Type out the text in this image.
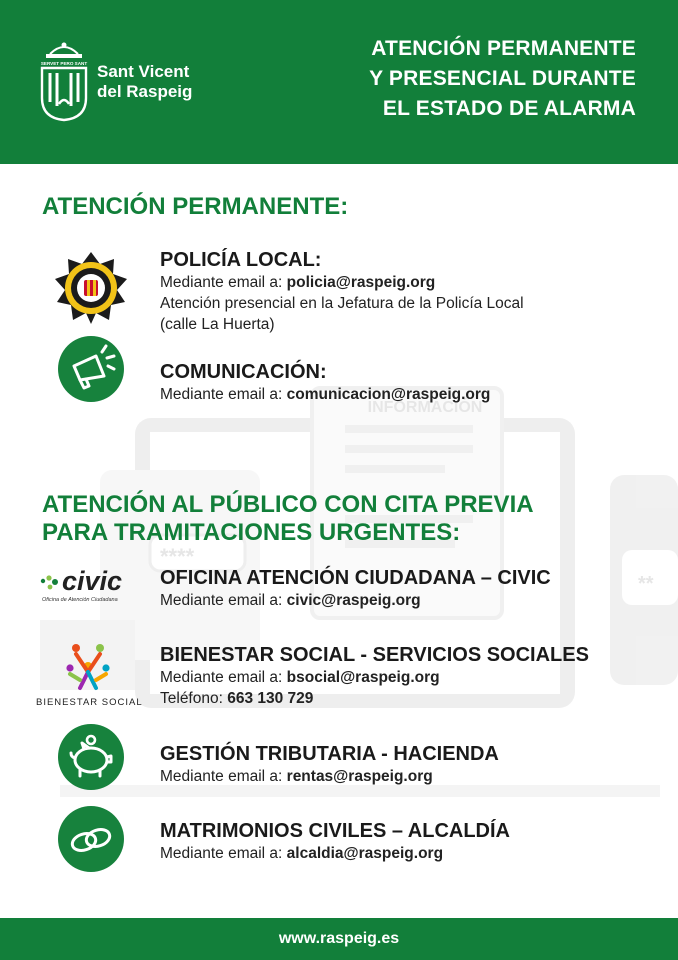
SERVET PERO SANT Sant Vicent
del Raspeig
ATENCIÓN PERMANENTE
Y PRESENCIAL DURANTE
EL ESTADO DE ALARMA
INFORMACIÓN
****
**
ATENCIÓN PERMANENTE:
POLICÍA LOCAL:
Mediante email a: policia@raspeig.org
Atención presencial en la Jefatura de la Policía Local
(calle La Huerta)
COMUNICACIÓN:
Mediante email a: comunicacion@raspeig.org
ATENCIÓN AL PÚBLICO CON CITA PREVIA
PARA TRAMITACIONES URGENTES:
civic
Oficina de Atención Ciudadana
OFICINA ATENCIÓN CIUDADANA – CIVIC
Mediante email a: civic@raspeig.org
BIENESTAR SOCIAL
BIENESTAR SOCIAL - SERVICIOS SOCIALES
Mediante email a: bsocial@raspeig.org
Teléfono: 663 130 729
GESTIÓN TRIBUTARIA - HACIENDA
Mediante email a: rentas@raspeig.org
MATRIMONIOS CIVILES – ALCALDÍA
Mediante email a: alcaldia@raspeig.org
www.raspeig.es
